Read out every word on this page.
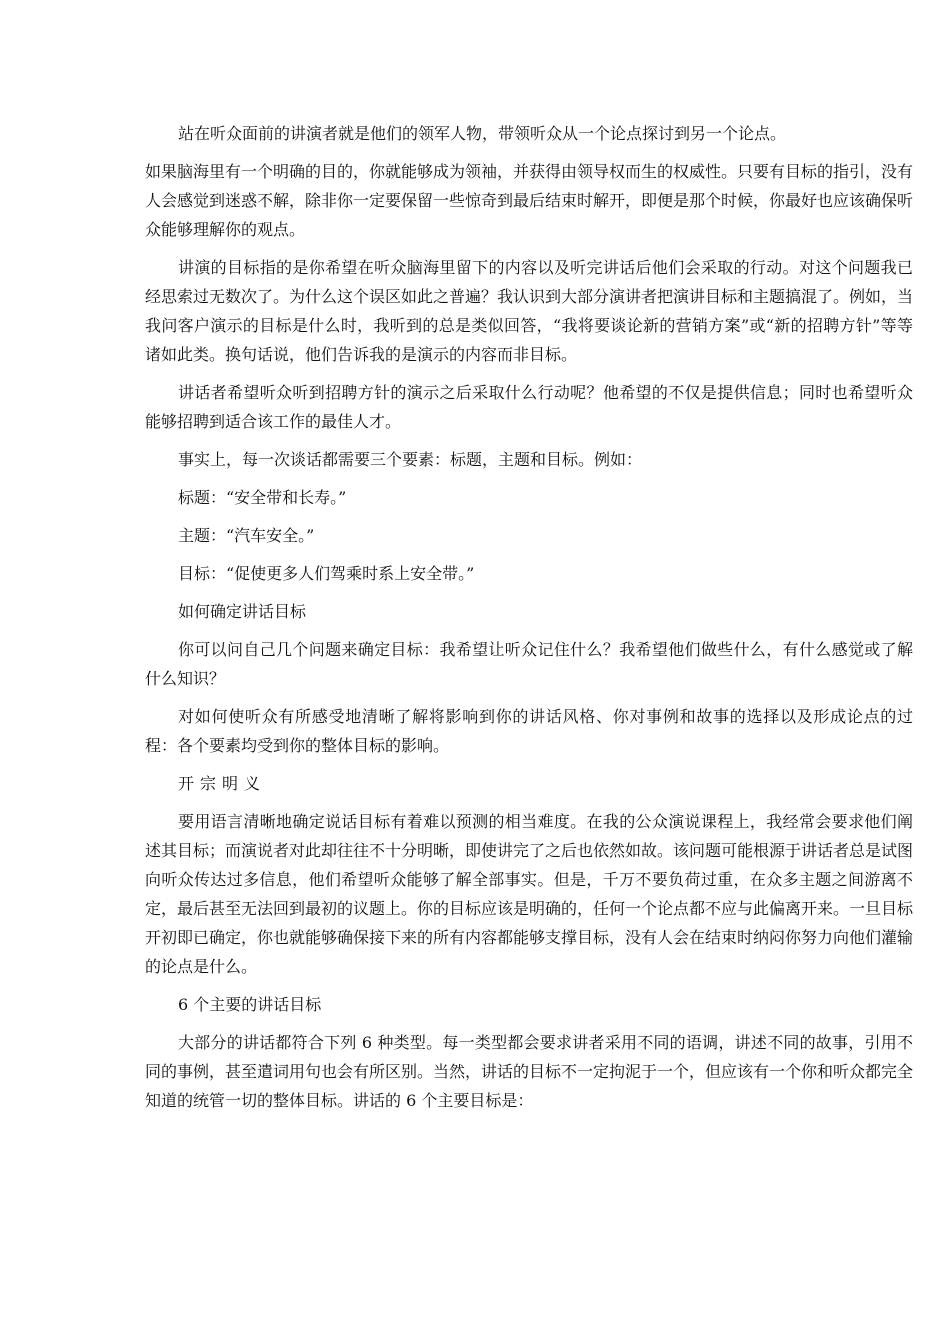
站在听众面前的讲演者就是他们的领军人物，带领听众从一个论点探讨到另一个论点。

如果脑海里有一个明确的目的，你就能够成为领袖，并获得由领导权而生的权威性。只要有目标的指引，没有人会感觉到迷惑不解，除非你一定要保留一些惊奇到最后结束时解开，即便是那个时候，你最好也应该确保听众能够理解你的观点。

讲演的目标指的是你希望在听众脑海里留下的内容以及听完讲话后他们会采取的行动。对这个问题我已经思索过无数次了。为什么这个误区如此之普遍？我认识到大部分演讲者把演讲目标和主题搞混了。例如，当我问客户演示的目标是什么时，我听到的总是类似回答，“我将要谈论新的营销方案”或“新的招聘方针”等等诸如此类。换句话说，他们告诉我的是演示的内容而非目标。

讲话者希望听众听到招聘方针的演示之后采取什么行动呢？他希望的不仅是提供信息；同时也希望听众能够招聘到适合该工作的最佳人才。

事实上，每一次谈话都需要三个要素：标题，主题和目标。例如：

标题：“安全带和长寿。”

主题：“汽车安全。”

目标：“促使更多人们驾乘时系上安全带。”

如何确定讲话目标

你可以问自己几个问题来确定目标：我希望让听众记住什么？我希望他们做些什么，有什么感觉或了解什么知识？

对如何使听众有所感受地清晰了解将影响到你的讲话风格、你对事例和故事的选择以及形成论点的过程：各个要素均受到你的整体目标的影响。

开宗明义

要用语言清晰地确定说话目标有着难以预测的相当难度。在我的公众演说课程上，我经常会要求他们阐述其目标；而演说者对此却往往不十分明晰，即使讲完了之后也依然如故。该问题可能根源于讲话者总是试图向听众传达过多信息，他们希望听众能够了解全部事实。但是，千万不要负荷过重，在众多主题之间游离不定，最后甚至无法回到最初的议题上。你的目标应该是明确的，任何一个论点都不应与此偏离开来。一旦目标开初即已确定，你也就能够确保接下来的所有内容都能够支撑目标，没有人会在结束时纳闷你努力向他们灌输的论点是什么。

6 个主要的讲话目标

大部分的讲话都符合下列 6 种类型。每一类型都会要求讲者采用不同的语调，讲述不同的故事，引用不同的事例，甚至遣词用句也会有所区别。当然，讲话的目标不一定拘泥于一个，但应该有一个你和听众都完全知道的统管一切的整体目标。讲话的 6 个主要目标是：
